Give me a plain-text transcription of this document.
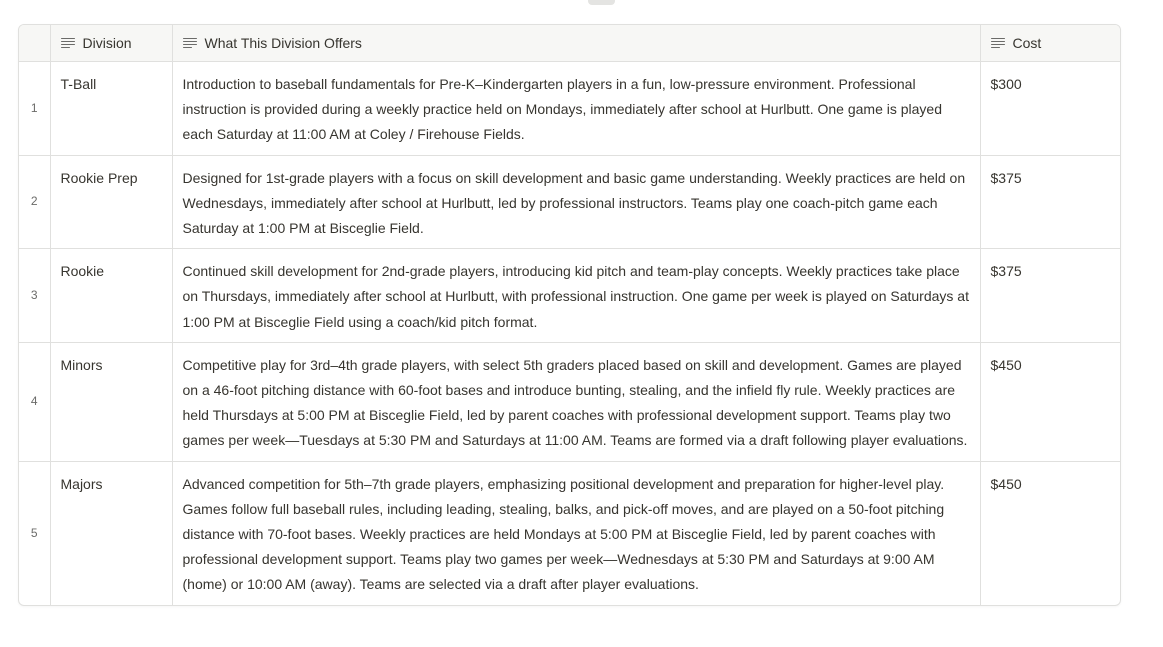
	Division	What This Division Offers	Cost

1	T-Ball	Introduction to baseball fundamentals for Pre-K–Kindergarten players in a fun, low-pressure environment. Professional instruction is provided during a weekly practice held on Mondays, immediately after school at Hurlbutt. One game is played each Saturday at 11:00 AM at Coley / Firehouse Fields.	$300
2	Rookie Prep	Designed for 1st-grade players with a focus on skill development and basic game understanding. Weekly practices are held on Wednesdays, immediately after school at Hurlbutt, led by professional instructors. Teams play one coach-pitch game each Saturday at 1:00 PM at Bisceglie Field.	$375
3	Rookie	Continued skill development for 2nd-grade players, introducing kid pitch and team-play concepts. Weekly practices take place on Thursdays, immediately after school at Hurlbutt, with professional instruction. One game per week is played on Saturdays at 1:00 PM at Bisceglie Field using a coach/kid pitch format.	$375
4	Minors	Competitive play for 3rd–4th grade players, with select 5th graders placed based on skill and development. Games are played on a 46-foot pitching distance with 60-foot bases and introduce bunting, stealing, and the infield fly rule. Weekly practices are held Thursdays at 5:00 PM at Bisceglie Field, led by parent coaches with professional development support. Teams play two games per week—Tuesdays at 5:30 PM and Saturdays at 11:00 AM. Teams are formed via a draft following player evaluations.	$450
5	Majors	Advanced competition for 5th–7th grade players, emphasizing positional development and preparation for higher-level play. Games follow full baseball rules, including leading, stealing, balks, and pick-off moves, and are played on a 50-foot pitching distance with 70-foot bases. Weekly practices are held Mondays at 5:00 PM at Bisceglie Field, led by parent coaches with professional development support. Teams play two games per week—Wednesdays at 5:30 PM and Saturdays at 9:00 AM (home) or 10:00 AM (away). Teams are selected via a draft after player evaluations.	$450
